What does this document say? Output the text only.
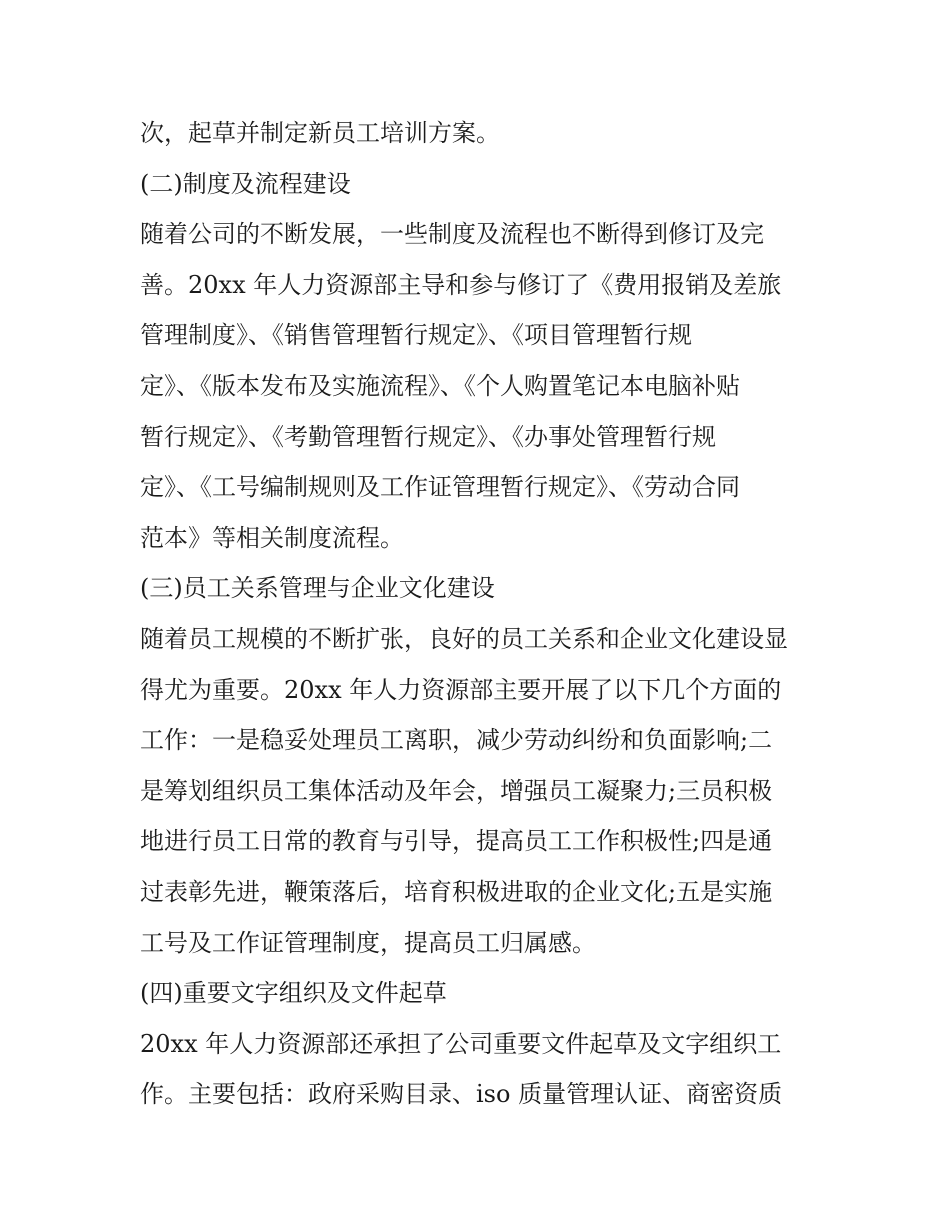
次，起草并制定新员工培训方案。
(二)制度及流程建设
随着公司的不断发展，一些制度及流程也不断得到修订及完
善。20xx 年人力资源部主导和参与修订了《费用报销及差旅
管理制度》、《销售管理暂行规定》、《项目管理暂行规
定》、《版本发布及实施流程》、《个人购置笔记本电脑补贴
暂行规定》、《考勤管理暂行规定》、《办事处管理暂行规
定》、《工号编制规则及工作证管理暂行规定》、《劳动合同
范本》等相关制度流程。
(三)员工关系管理与企业文化建设
随着员工规模的不断扩张，良好的员工关系和企业文化建设显
得尤为重要。20xx 年人力资源部主要开展了以下几个方面的
工作：一是稳妥处理员工离职，减少劳动纠纷和负面影响;二
是筹划组织员工集体活动及年会，增强员工凝聚力;三员积极
地进行员工日常的教育与引导，提高员工工作积极性;四是通
过表彰先进，鞭策落后，培育积极进取的企业文化;五是实施
工号及工作证管理制度，提高员工归属感。
(四)重要文字组织及文件起草
20xx 年人力资源部还承担了公司重要文件起草及文字组织工
作。主要包括：政府采购目录、iso 质量管理认证、商密资质
